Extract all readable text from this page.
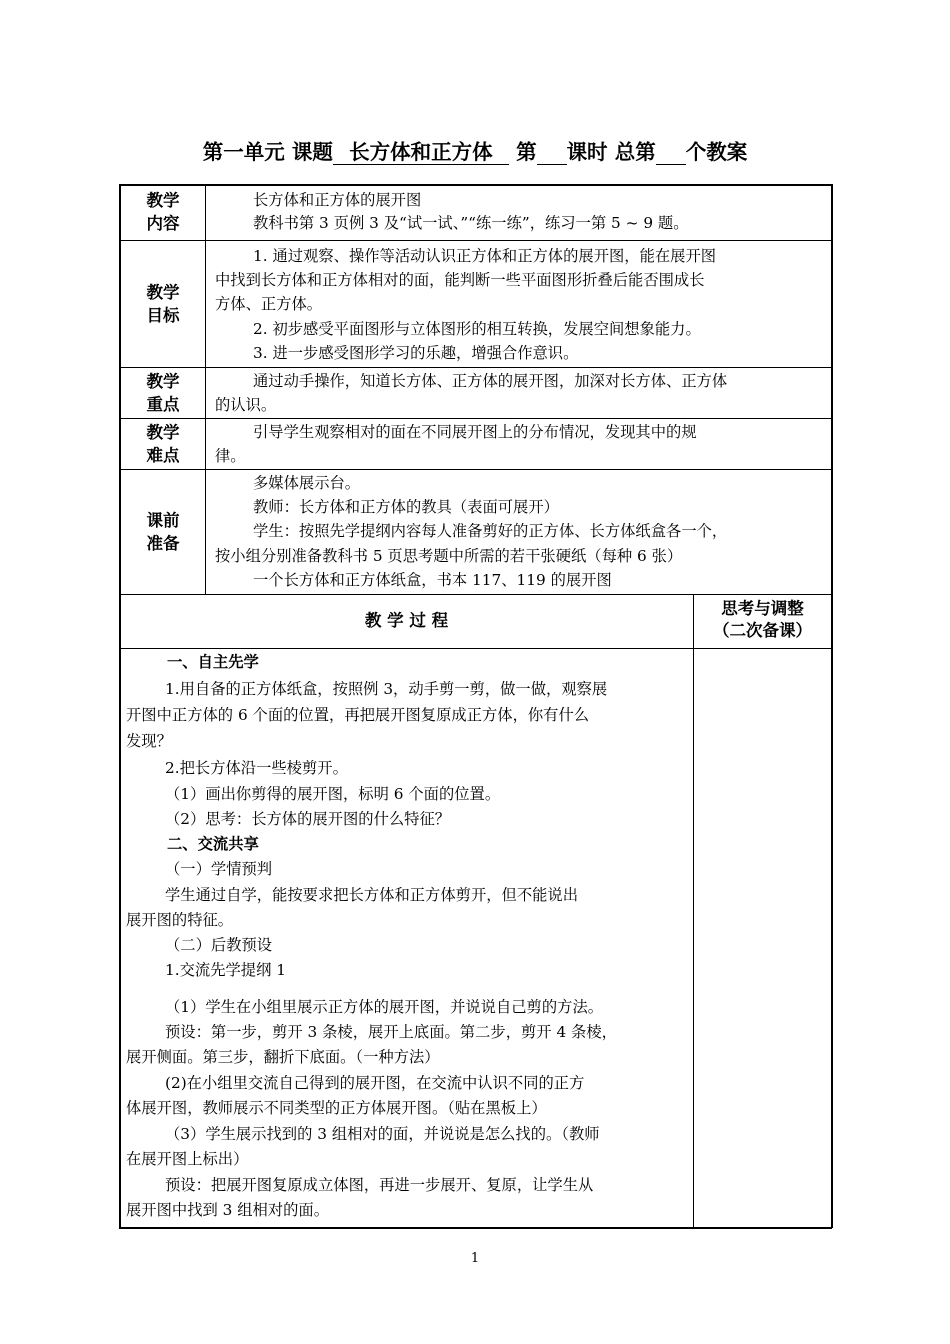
第一单元 课题 长方体和正方体 第 课时 总第 个教案
教学
内容
长方体和正方体的展开图
教科书第 3 页例 3 及“试一试、”“练一练”，练习一第 5 ~ 9 题。
教学
目标
1. 通过观察、操作等活动认识正方体和正方体的展开图，能在展开图
中找到长方体和正方体相对的面，能判断一些平面图形折叠后能否围成长
方体、正方体。
2. 初步感受平面图形与立体图形的相互转换，发展空间想象能力。
3. 进一步感受图形学习的乐趣，增强合作意识。
教学
重点
通过动手操作，知道长方体、正方体的展开图，加深对长方体、正方体
的认识。
教学
难点
引导学生观察相对的面在不同展开图上的分布情况，发现其中的规
律。
课前
准备
多媒体展示台。
教师：长方体和正方体的教具（表面可展开）
学生：按照先学提纲内容每人准备剪好的正方体、长方体纸盒各一个，
按小组分别准备教科书 5 页思考题中所需的若干张硬纸（每种 6 张）
一个长方体和正方体纸盒，书本 117、119 的展开图
教 学 过 程
思考与调整
（二次备课）
一、自主先学
1.用自备的正方体纸盒，按照例 3，动手剪一剪，做一做，观察展
开图中正方体的 6 个面的位置，再把展开图复原成正方体，你有什么
发现？
2.把长方体沿一些棱剪开。
（1）画出你剪得的展开图，标明 6 个面的位置。
（2）思考：长方体的展开图的什么特征？
二、交流共享
（一）学情预判
学生通过自学，能按要求把长方体和正方体剪开，但不能说出
展开图的特征。
（二）后教预设
1.交流先学提纲 1
（1）学生在小组里展示正方体的展开图，并说说自己剪的方法。
预设：第一步，剪开 3 条棱，展开上底面。第二步，剪开 4 条棱，
展开侧面。第三步，翻折下底面。（一种方法）
(2)在小组里交流自己得到的展开图，在交流中认识不同的正方
体展开图，教师展示不同类型的正方体展开图。（贴在黑板上）
（3）学生展示找到的 3 组相对的面，并说说是怎么找的。（教师
在展开图上标出）
预设：把展开图复原成立体图，再进一步展开、复原，让学生从
展开图中找到 3 组相对的面。
1
